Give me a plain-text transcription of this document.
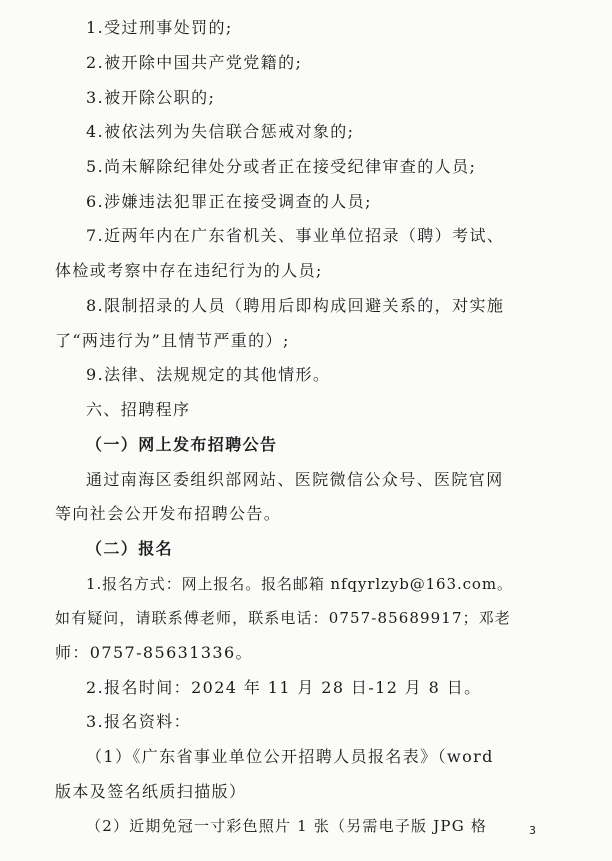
1.受过刑事处罚的;
2.被开除中国共产党党籍的;
3.被开除公职的;
4.被依法列为失信联合惩戒对象的;
5.尚未解除纪律处分或者正在接受纪律审查的人员;
6.涉嫌违法犯罪正在接受调查的人员;
7.近两年内在广东省机关、事业单位招录（聘）考试、
体检或考察中存在违纪行为的人员;
8.限制招录的人员（聘用后即构成回避关系的，对实施
了“两违行为”且情节严重的）;
9.法律、法规规定的其他情形。
六、招聘程序
（一）网上发布招聘公告
通过南海区委组织部网站、医院微信公众号、医院官网
等向社会公开发布招聘公告。
（二）报名
1.报名方式：网上报名。报名邮箱 nfqyrlzyb@163.com。
如有疑问，请联系傅老师，联系电话：0757-85689917；邓老
师：0757-85631336。
2.报名时间：2024 年 11 月 28 日-12 月 8 日。
3.报名资料：
（1）《广东省事业单位公开招聘人员报名表》（word
版本及签名纸质扫描版）
（2）近期免冠一寸彩色照片 1 张（另需电子版 JPG 格	3
